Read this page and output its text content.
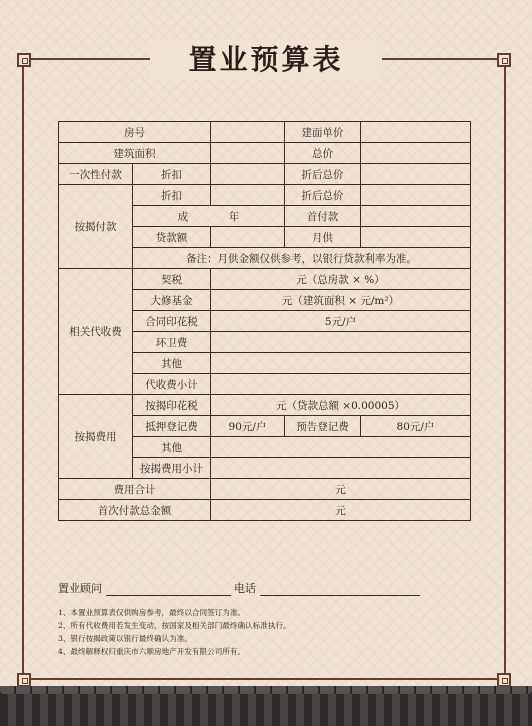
置业预算表
房号			建面单价	
建筑面积			总价	
一次性付款	折扣		折后总价	
按揭付款	折扣		折后总价	
	成 年		首付款	
	贷款额		月供	
	备注：月供金额仅供参考，以银行贷款利率为准。			
相关代收费	契税	元（总房款 × %）		
	大修基金	元（建筑面积 × 元/m²）		
	合同印花税	5元/户		
	环卫费			
	其他			
	代收费小计			
按揭费用	按揭印花税	元（贷款总额 ×0.00005）		
	抵押登记费	90元/户	预告登记费	80元/户
	其他			
	按揭费用小计			
费用合计		元		
首次付款总金额		元		
置业顾问	电话
1、本置业预算表仅供购房参考，最终以合同签订为准。
2、所有代收费用若发生变动，按国家及相关部门最终确认标准执行。
3、银行按揭政策以银行最终确认为准。
4、最终解释权归重庆市六顺房地产开发有限公司所有。
